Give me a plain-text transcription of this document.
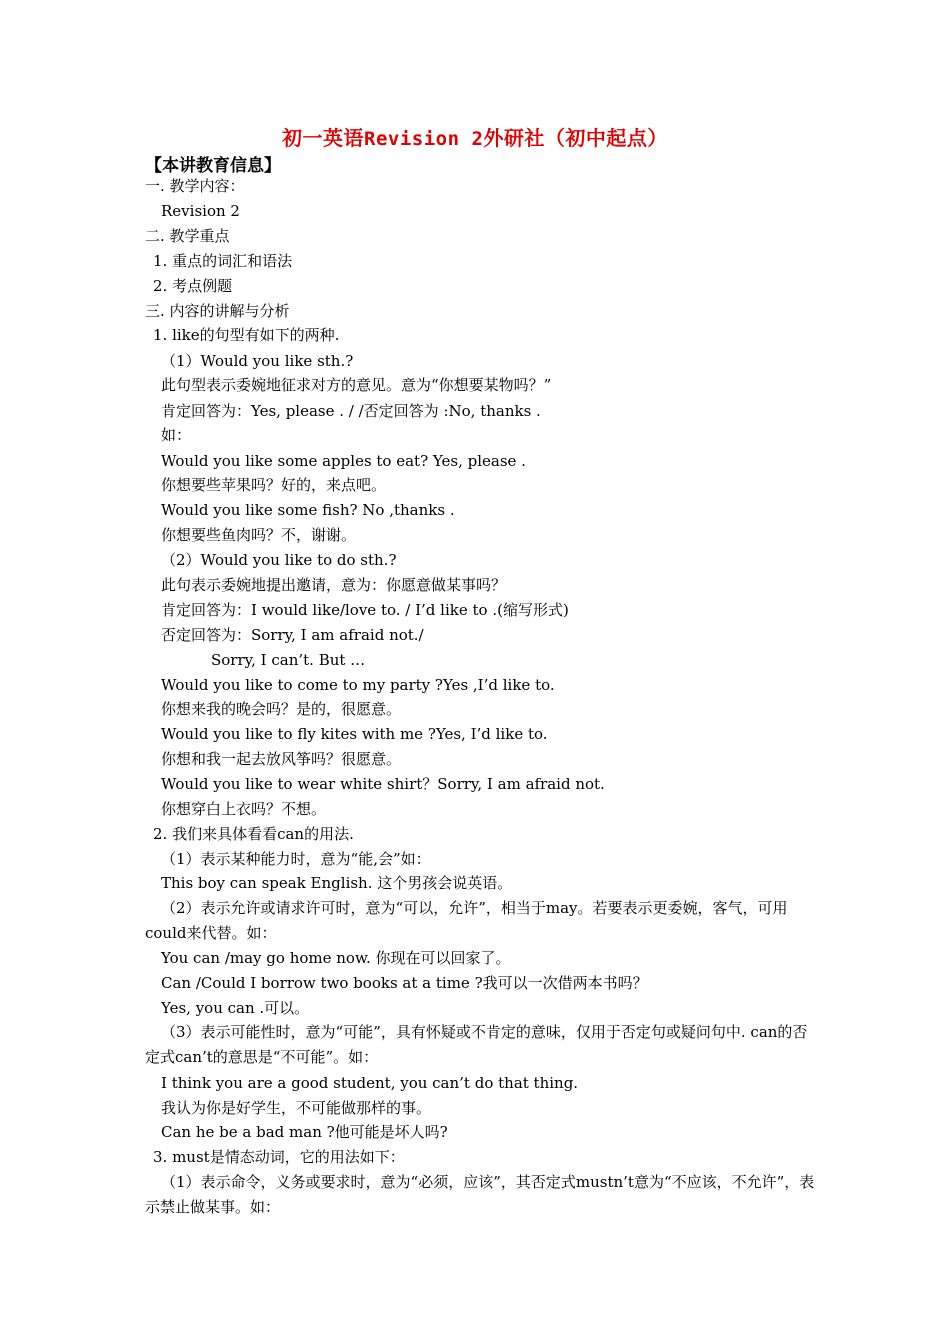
初一英语Revision 2外研社（初中起点）
【本讲教育信息】
一. 教学内容：
Revision 2
二. 教学重点
1. 重点的词汇和语法
2. 考点例题
三. 内容的讲解与分析
1. like的句型有如下的两种.
（1）Would you like sth.?
此句型表示委婉地征求对方的意见。意为“你想要某物吗？”
肯定回答为：Yes, please . / /否定回答为 :No, thanks .
如：
Would you like some apples to eat? Yes, please .
你想要些苹果吗？好的，来点吧。
Would you like some fish? No ,thanks .
你想要些鱼肉吗？不，谢谢。
（2）Would you like to do sth.?
此句表示委婉地提出邀请，意为：你愿意做某事吗？
肯定回答为：I would like/love to. / I’d like to .(缩写形式)
否定回答为：Sorry, I am afraid not./
Sorry, I can’t. But …
Would you like to come to my party ?Yes ,I’d like to.
你想来我的晚会吗？是的，很愿意。
Would you like to fly kites with me ?Yes, I’d like to.
你想和我一起去放风筝吗？很愿意。
Would you like to wear white shirt？Sorry, I am afraid not.
你想穿白上衣吗？不想。
2. 我们来具体看看can的用法.
（1）表示某种能力时，意为“能,会”如：
This boy can speak English. 这个男孩会说英语。
（2）表示允许或请求许可时，意为“可以，允许”，相当于may。若要表示更委婉，客气，可用could来代替。如：
You can /may go home now. 你现在可以回家了。
Can /Could I borrow two books at a time ?我可以一次借两本书吗？
Yes, you can .可以。
（3）表示可能性时，意为“可能”，具有怀疑或不肯定的意味，仅用于否定句或疑问句中. can的否定式can’t的意思是“不可能”。如：
I think you are a good student, you can’t do that thing.
我认为你是好学生，不可能做那样的事。
Can he be a bad man ?他可能是坏人吗?
3. must是情态动词，它的用法如下：
（1）表示命令，义务或要求时，意为“必须，应该”，其否定式mustn’t意为“不应该，不允许”，表示禁止做某事。如：
